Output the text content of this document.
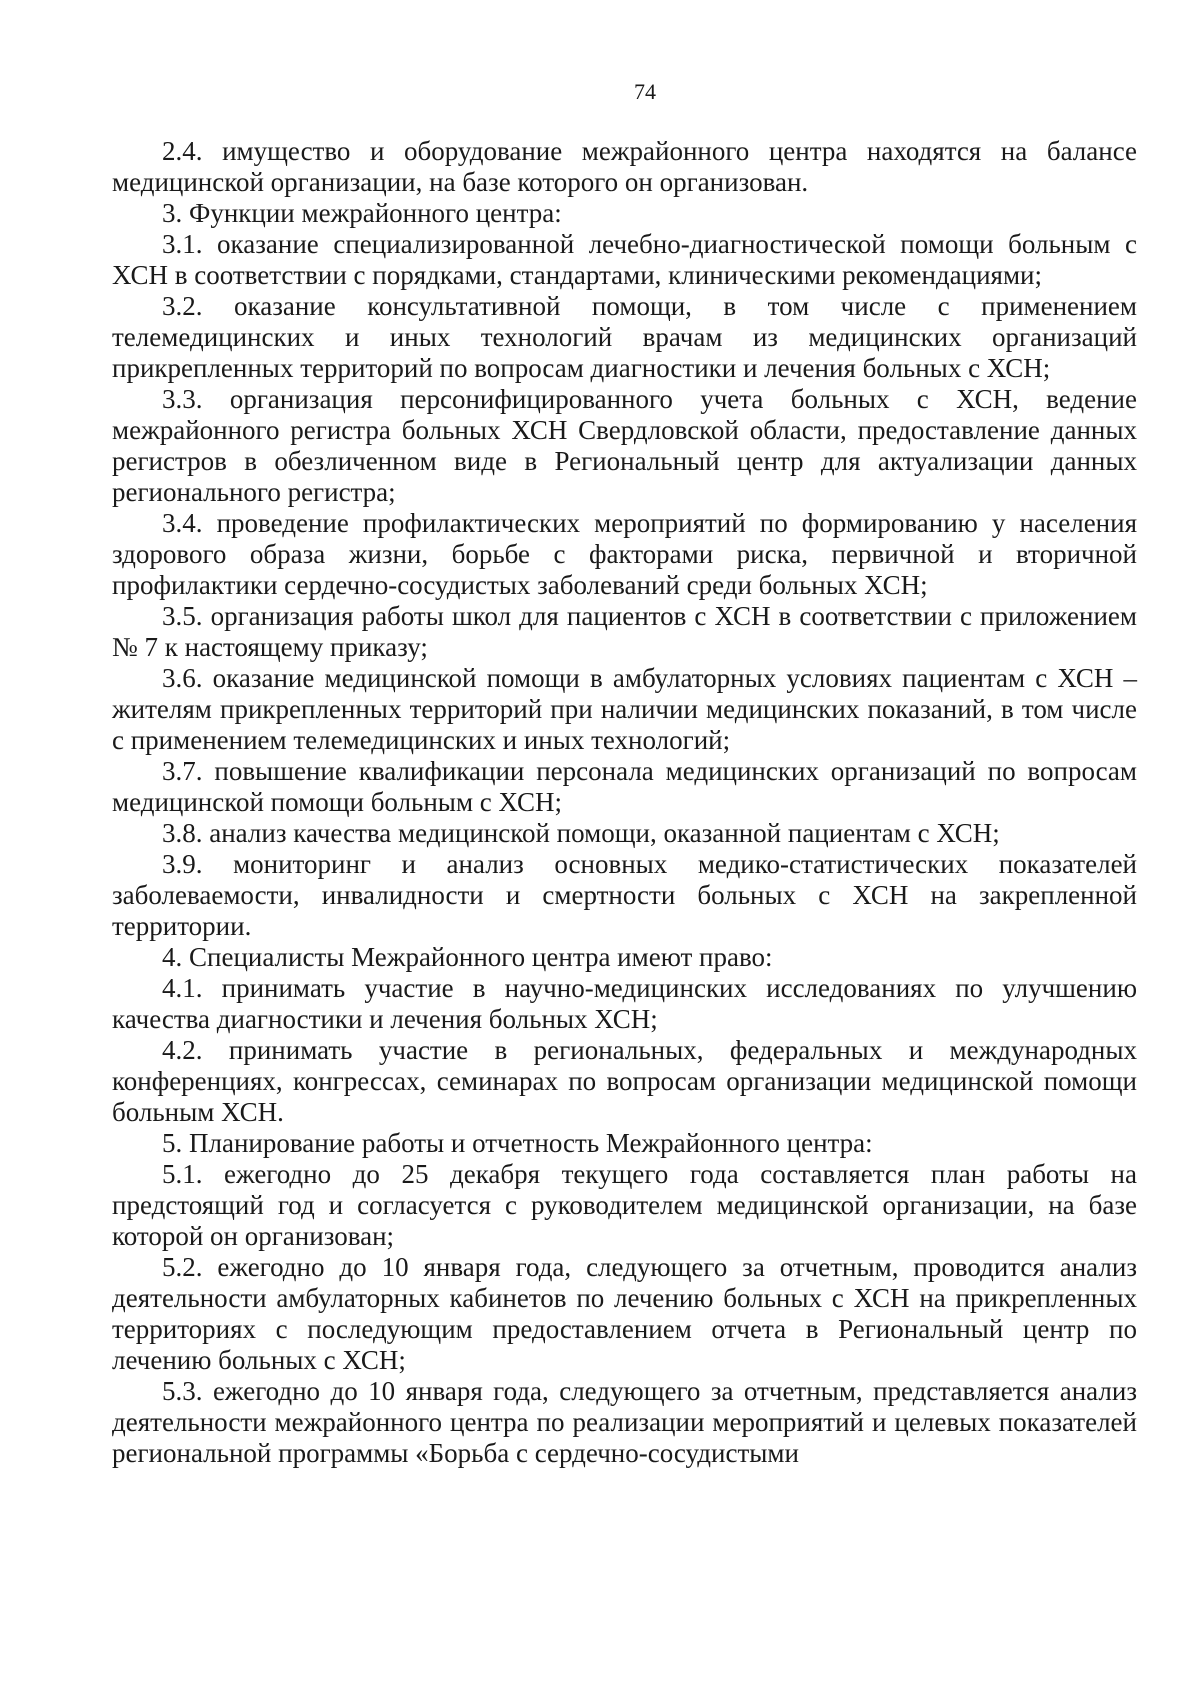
74

2.4. имущество и оборудование межрайонного центра находятся на балансе медицинской организации, на базе которого он организован.

3. Функции межрайонного центра:

3.1. оказание специализированной лечебно-диагностической помощи больным с ХСН в соответствии с порядками, стандартами, клиническими рекомендациями;

3.2. оказание консультативной помощи, в том числе с применением телемедицинских и иных технологий врачам из медицинских организаций прикрепленных территорий по вопросам диагностики и лечения больных с ХСН;

3.3. организация персонифицированного учета больных с ХСН, ведение межрайонного регистра больных ХСН Свердловской области, предоставление данных регистров в обезличенном виде в Региональный центр для актуализации данных регионального регистра;

3.4. проведение профилактических мероприятий по формированию у населения здорового образа жизни, борьбе с факторами риска, первичной и вторичной профилактики сердечно-сосудистых заболеваний среди больных ХСН;

3.5. организация работы школ для пациентов с ХСН в соответствии с приложением № 7 к настоящему приказу;

3.6. оказание медицинской помощи в амбулаторных условиях пациентам с ХСН – жителям прикрепленных территорий при наличии медицинских показаний, в том числе с применением телемедицинских и иных технологий;

3.7. повышение квалификации персонала медицинских организаций по вопросам медицинской помощи больным с ХСН;

3.8. анализ качества медицинской помощи, оказанной пациентам с ХСН;

3.9. мониторинг и анализ основных медико-статистических показателей заболеваемости, инвалидности и смертности больных с ХСН на закрепленной территории.

4. Специалисты Межрайонного центра имеют право:

4.1. принимать участие в научно-медицинских исследованиях по улучшению качества диагностики и лечения больных ХСН;

4.2. принимать участие в региональных, федеральных и международных конференциях, конгрессах, семинарах по вопросам организации медицинской помощи больным ХСН.

5. Планирование работы и отчетность Межрайонного центра:

5.1. ежегодно до 25 декабря текущего года составляется план работы на предстоящий год и согласуется с руководителем медицинской организации, на базе которой он организован;

5.2. ежегодно до 10 января года, следующего за отчетным, проводится анализ деятельности амбулаторных кабинетов по лечению больных с ХСН на прикрепленных территориях с последующим предоставлением отчета в Региональный центр по лечению больных с ХСН;

5.3. ежегодно до 10 января года, следующего за отчетным, представляется анализ деятельности межрайонного центра по реализации мероприятий и целевых показателей региональной программы «Борьба с сердечно-сосудистыми
